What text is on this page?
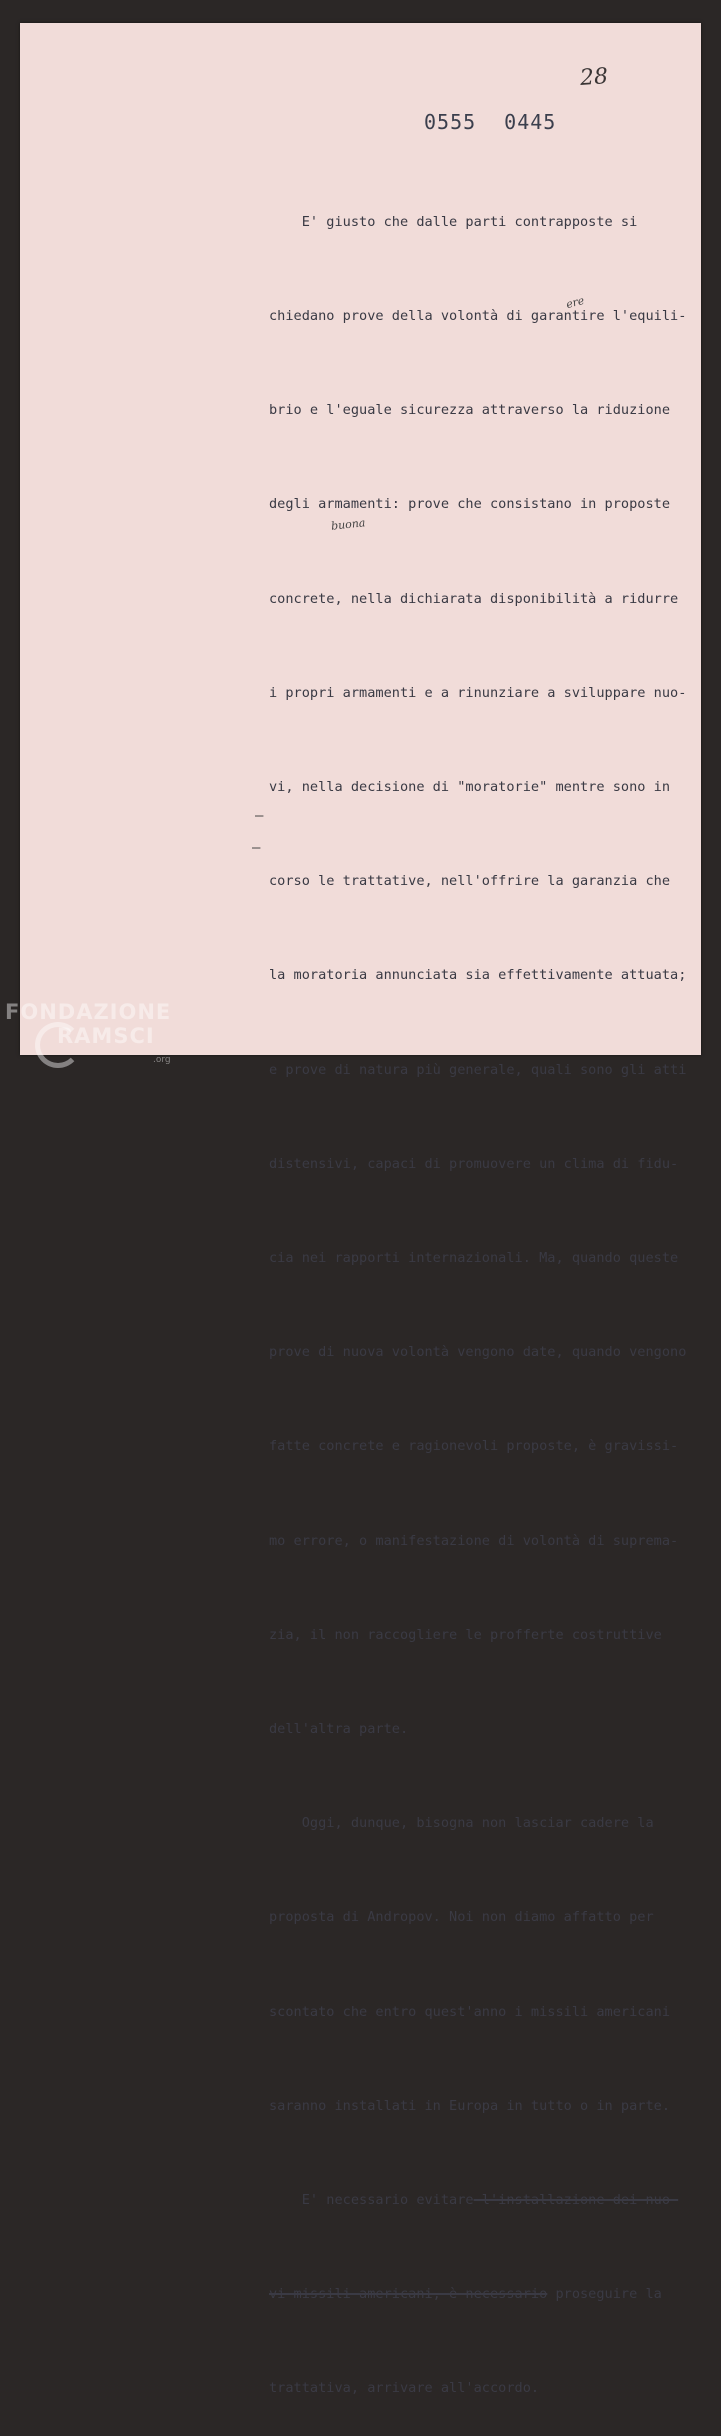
28
0555 0445

E' giusto che dalle parti contrapposte si

chiedano prove della volontà di garantire l'equili-

brio e l'eguale sicurezza attraverso la riduzione

degli armamenti: prove che consistano in proposte

concrete, nella dichiarata disponibilità a ridurre

i propri armamenti e a rinunziare a sviluppare nuo-

vi, nella decisione di "moratorie" mentre sono in

corso le trattative, nell'offrire la garanzia che

la moratoria annunciata sia effettivamente attuata;

e prove di natura più generale, quali sono gli atti

distensivi, capaci di promuovere un clima di fidu-

cia nei rapporti internazionali. Ma, quando queste

prove di nuova volontà vengono date, quando vengono

fatte concrete e ragionevoli proposte, è gravissi-

mo errore, o manifestazione di volontà di suprema-

zia, il non raccogliere le profferte costruttive

dell'altra parte.

Oggi, dunque, bisogna non lasciar cadere la

proposta di Andropov. Noi non diamo affatto per

scontato che entro quest'anno i missili americani

saranno installati in Europa in tutto o in parte.

E' necessario evitare l'installazione dei nuo-

vi missili americani, è necessario proseguire la

trattativa, arrivare all'accordo.

ere
buona
–
–
FONDAZIONE
RAMSCI
.org
